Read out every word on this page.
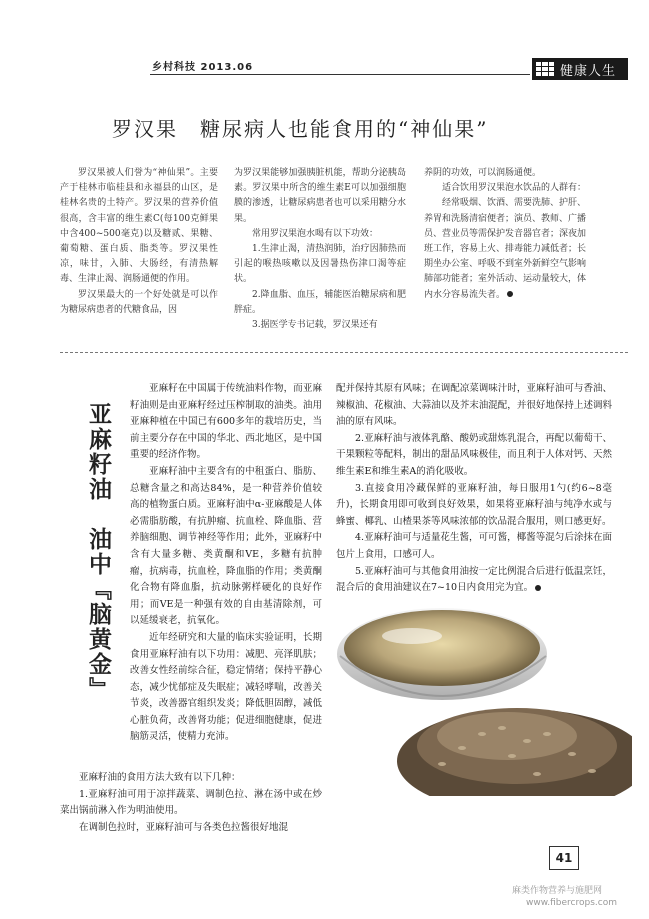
乡村科技 2013.06	健康人生
罗汉果　糖尿病人也能食用的“神仙果”

罗汉果被人们誉为“神仙果”。主要产于桂林市临桂县和永福县的山区，是桂林名贵的土特产。罗汉果的营养价值很高，含丰富的维生素C(每100克鲜果中含400~500毫克)以及糖贰、果糖、葡萄糖、蛋白质、脂类等。罗汉果性凉，味甘，入肺、大肠经，有清热解毒、生津止渴、润肠通便的作用。

罗汉果最大的一个好处就是可以作为糖尿病患者的代糖食品，因

为罗汉果能够加强胰脏机能，帮助分泌胰岛素。罗汉果中所含的维生素E可以加强细胞膜的渗透，让糖尿病患者也可以采用糖分水果。

常用罗汉果泡水喝有以下功效：

1.生津止渴，清热润肺，治疗因肺热而引起的喉热咳嗽以及因暑热伤津口渴等症状。

2.降血脂、血压，辅能医治糖尿病和肥胖症。

3.据医学专书记载，罗汉果还有

养阴的功效，可以润肠通便。

适合饮用罗汉果泡水饮品的人群有：

经常吸烟、饮酒、需要洗肺、护肝、养胃和洗肠清宿便者；演员、教师、广播员、营业员等需保护发音器官者；深夜加班工作，容易上火、排毒能力减低者；长期坐办公室、呼吸不到室外新鲜空气影响肺部功能者；室外活动、运动量较大，体内水分容易流失者。

亚麻籽油　油中『脑黄金』

亚麻籽在中国属于传统油料作物，而亚麻籽油则是由亚麻籽经过压榨制取的油类。油用亚麻种植在中国已有600多年的栽培历史，当前主要分存在中国的华北、西北地区，是中国重要的经济作物。

亚麻籽油中主要含有的中租蛋白、脂肪、总糖含量之和高达84%，是一种营养价值较高的植物蛋白质。亚麻籽油中α-亚麻酸是人体必需脂肪酸，有抗肿瘤、抗血栓、降血脂、营养脑细胞、调节神经等作用；此外，亚麻籽中含有大量多糖、类黄酮和VE，多糖有抗肿瘤，抗病毒，抗血栓，降血脂的作用；类黄酮化合物有降血脂，抗动脉粥样硬化的良好作用；而VE是一种强有效的自由基清除剂，可以延缓衰老，抗氧化。

近年经研究和大量的临床实验证明，长期食用亚麻籽油有以下功用：减肥、亮泽肌肤；改善女性经前综合征，稳定情绪；保持平静心态，减少忧郁症及失眠症；减轻哮喘，改善关节炎，改善器官组织发炎；降低胆固醇，减低心脏负荷，改善肾功能；促进细胞健康，促进脑筋灵活，使精力充沛。

亚麻籽油的食用方法大致有以下几种：

1.亚麻籽油可用于凉拌蔬菜、调制色拉、淋在汤中或在炒菜出锅前淋入作为明油使用。

在调制色拉时，亚麻籽油可与各类色拉酱很好地混

配并保持其原有风味；在调配凉菜调味汁时，亚麻籽油可与香油、辣椒油、花椒油、大蒜油以及芥末油混配，并很好地保持上述调料油的原有风味。

2.亚麻籽油与液体乳酪、酸奶或甜炼乳混合，再配以葡萄干、干果颗粒等配料，制出的甜品风味极佳，而且利于人体对钙、天然维生素E和维生素A的消化吸收。

3.直接食用冷藏保鲜的亚麻籽油，每日服用1勺(约6~8毫升)，长期食用即可收到良好效果，如果将亚麻籽油与纯净水或与蜂蜜、椰乳、山楂果茶等风味浓郁的饮品混合服用，则口感更好。

4.亚麻籽油可与适量花生酱，可可酱，椰酱等混匀后涂抹在面包片上食用，口感可人。

5.亚麻籽油可与其他食用油按一定比例混合后进行低温烹饪，混合后的食用油建议在7~10日内食用完为宜。

41
麻类作物营养与施肥网
www.fibercrops.com
